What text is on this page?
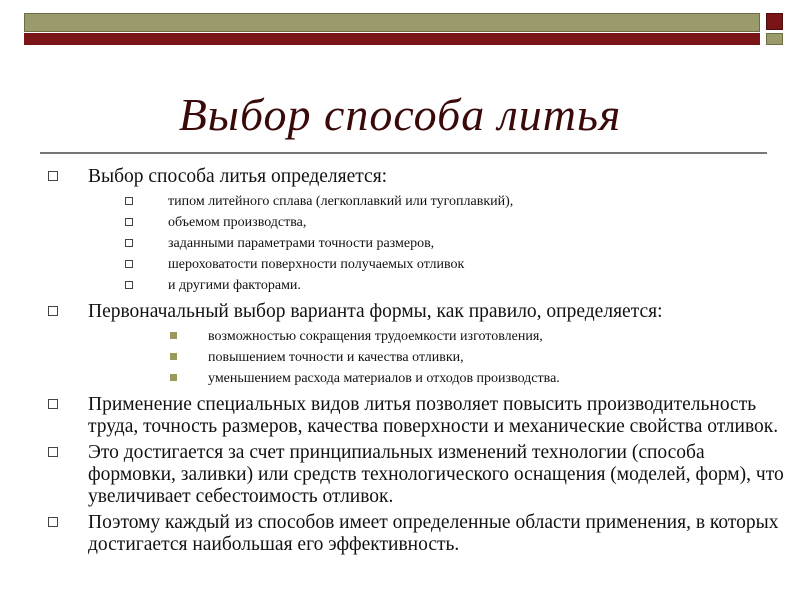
Выбор способа литья
Выбор способа литья определяется:
типом литейного сплава (легкоплавкий или тугоплавкий),
объемом производства,
заданными параметрами точности размеров,
шероховатости поверхности получаемых отливок
и другими факторами.
Первоначальный выбор варианта формы, как правило, определяется:
возможностью сокращения трудоемкости изготовления,
повышением точности и качества отливки,
уменьшением расхода материалов и отходов производства.
Применение специальных видов литья позволяет повысить производительность труда, точность размеров, качества поверхности и механические свойства отливок.
Это достигается за счет принципиальных изменений технологии (способа формовки, заливки) или средств технологического оснащения (моделей, форм), что увеличивает себестоимость отливок.
Поэтому каждый из способов имеет определенные области применения, в которых достигается наибольшая его эффективность.
